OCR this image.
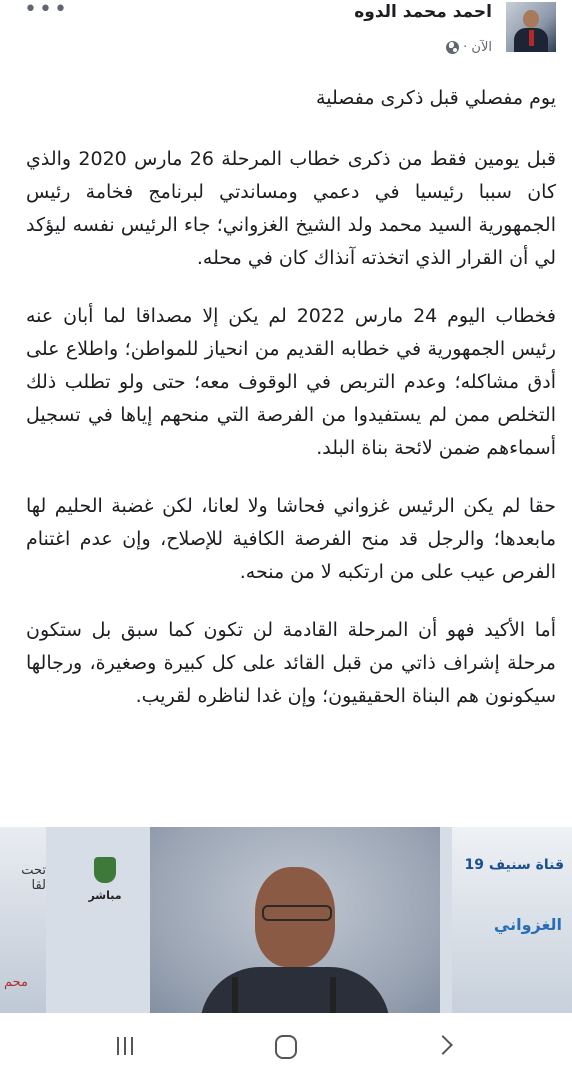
•••	احمد محمد الدوه
الآن ·

يوم مفصلي قبل ذكرى مفصلية

قبل يومين فقط من ذكرى خطاب المرحلة 26 مارس 2020 والذي كان سببا رئيسيا في دعمي ومساندتي لبرنامج فخامة رئيس الجمهورية السيد محمد ولد الشيخ الغزواني؛ جاء الرئيس نفسه ليؤكد لي أن القرار الذي اتخذته آنذاك كان في محله.

فخطاب اليوم 24 مارس 2022 لم يكن إلا مصداقا لما أبان عنه رئيس الجمهورية في خطابه القديم من انحياز للمواطن؛ واطلاع على أدق مشاكله؛ وعدم التربص في الوقوف معه؛ حتى ولو تطلب ذلك التخلص ممن لم يستفيدوا من الفرصة التي منحهم إياها في تسجيل أسماءهم ضمن لائحة بناة البلد.

حقا لم يكن الرئيس غزواني فحاشا ولا لعانا، لكن غضبة الحليم لها مابعدها؛ والرجل قد منح الفرصة الكافية للإصلاح، وإن عدم اغتنام الفرص عيب على من ارتكبه لا من منحه.

أما الأكيد فهو أن المرحلة القادمة لن تكون كما سبق بل ستكون مرحلة إشراف ذاتي من قبل القائد على كل كبيرة وصغيرة، ورجالها سيكونون هم البناة الحقيقيون؛ وإن غدا لناظره لقريب.

تحت لقا
محم
مباشر
قناة سنيف 19
الغزواني
